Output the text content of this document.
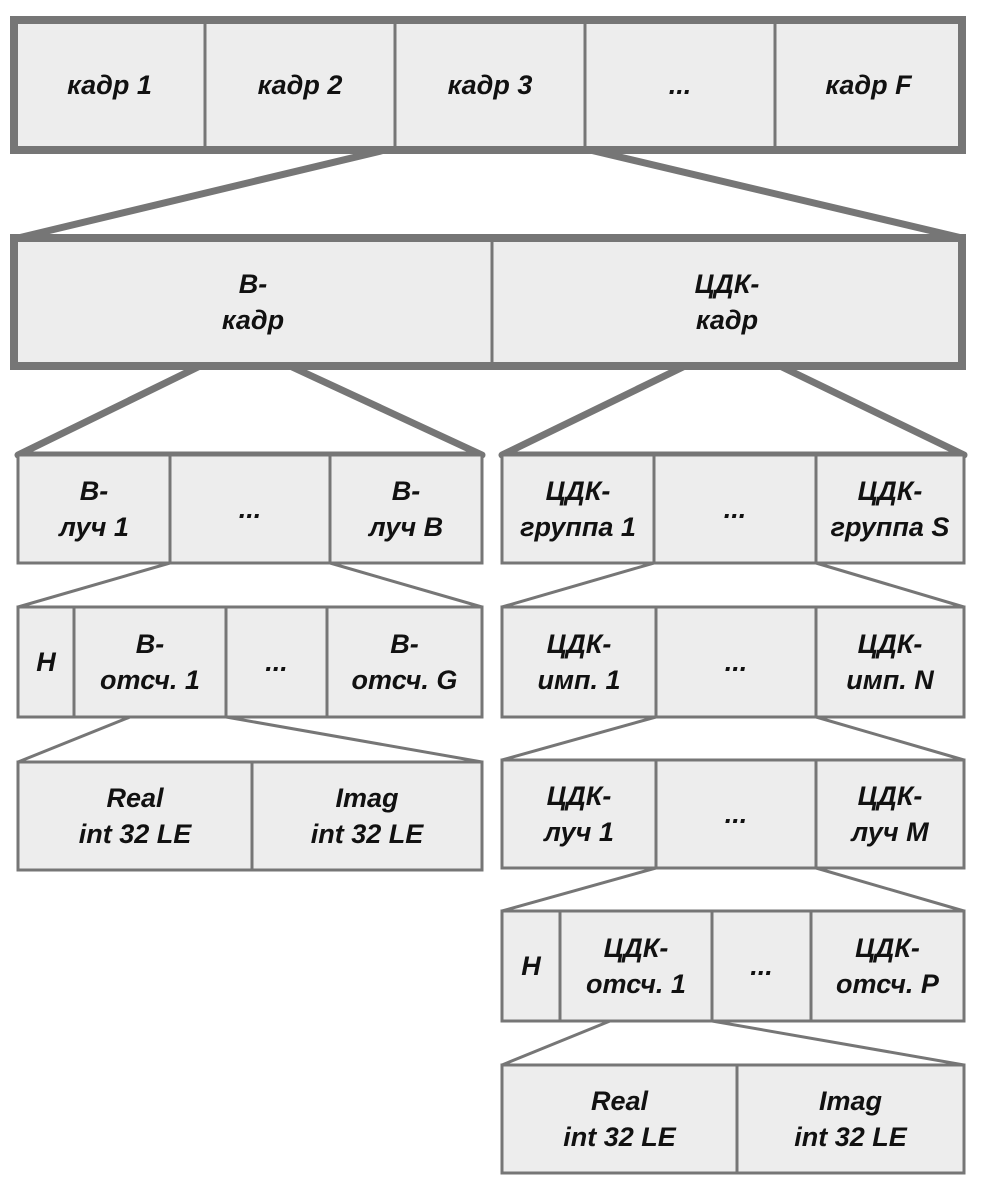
кадр 1	кадр 2	кадр 3	...	кадр F
B-кадр
ЦДК-кадр
B-луч 1
...
B-луч B
H
B-отсч. 1
...
B-отсч. G
Real int 32 LE
Imag int 32 LE
ЦДК-группа 1
...
ЦДК-группа S
ЦДК-имп. 1
...
ЦДК-имп. N
ЦДК-луч 1
...
ЦДК-луч M
H
ЦДК-отсч. 1
...
ЦДК-отсч. P
Real int 32 LE
Imag int 32 LE
